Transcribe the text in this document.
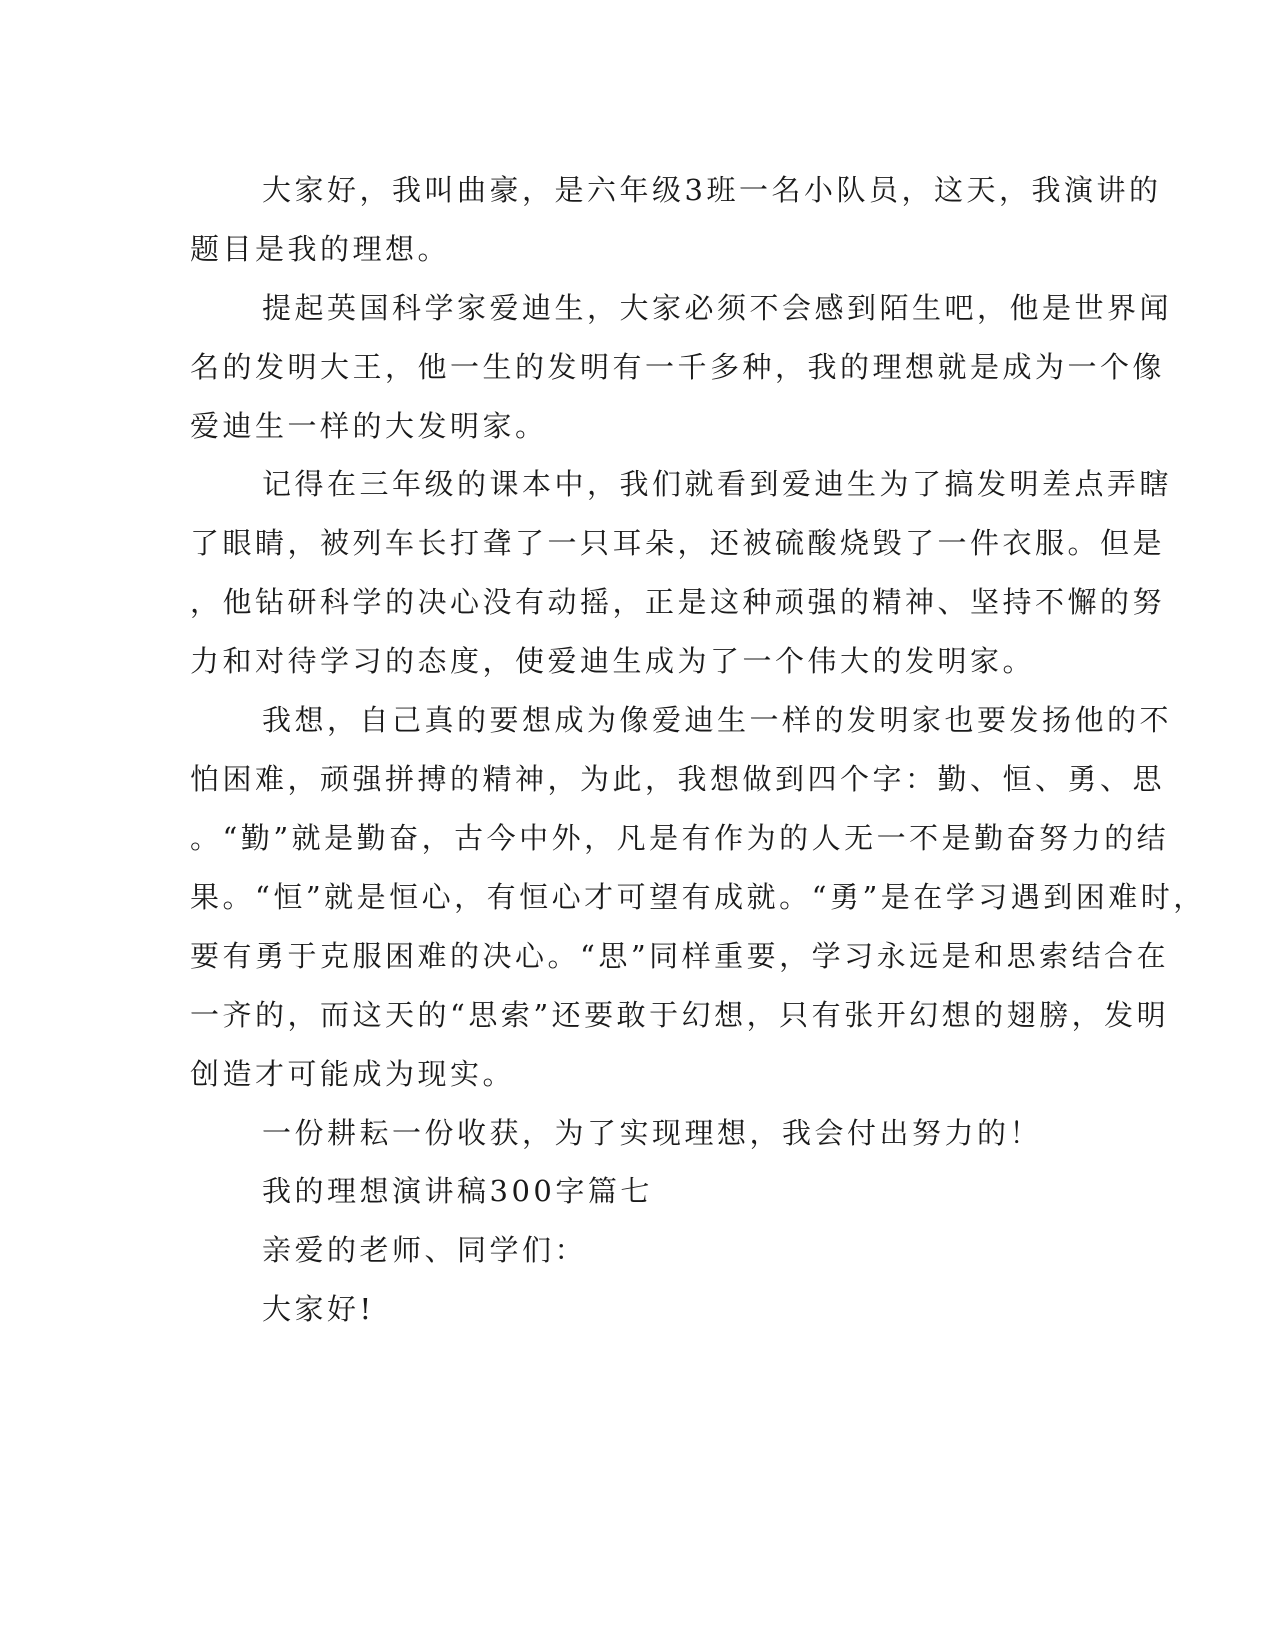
大家好，我叫曲豪，是六年级3班一名小队员，这天，我演讲的
题目是我的理想。
提起英国科学家爱迪生，大家必须不会感到陌生吧，他是世界闻
名的发明大王，他一生的发明有一千多种，我的理想就是成为一个像
爱迪生一样的大发明家。
记得在三年级的课本中，我们就看到爱迪生为了搞发明差点弄瞎
了眼睛，被列车长打聋了一只耳朵，还被硫酸烧毁了一件衣服。但是
，他钻研科学的决心没有动摇，正是这种顽强的精神、坚持不懈的努
力和对待学习的态度，使爱迪生成为了一个伟大的发明家。
我想，自己真的要想成为像爱迪生一样的发明家也要发扬他的不
怕困难，顽强拼搏的精神，为此，我想做到四个字：勤、恒、勇、思
。“勤”就是勤奋，古今中外，凡是有作为的人无一不是勤奋努力的结
果。“恒”就是恒心，有恒心才可望有成就。“勇”是在学习遇到困难时，
要有勇于克服困难的决心。“思”同样重要，学习永远是和思索结合在
一齐的，而这天的“思索”还要敢于幻想，只有张开幻想的翅膀，发明
创造才可能成为现实。
一份耕耘一份收获，为了实现理想，我会付出努力的！
我的理想演讲稿300字篇七
亲爱的老师、同学们：
大家好!
